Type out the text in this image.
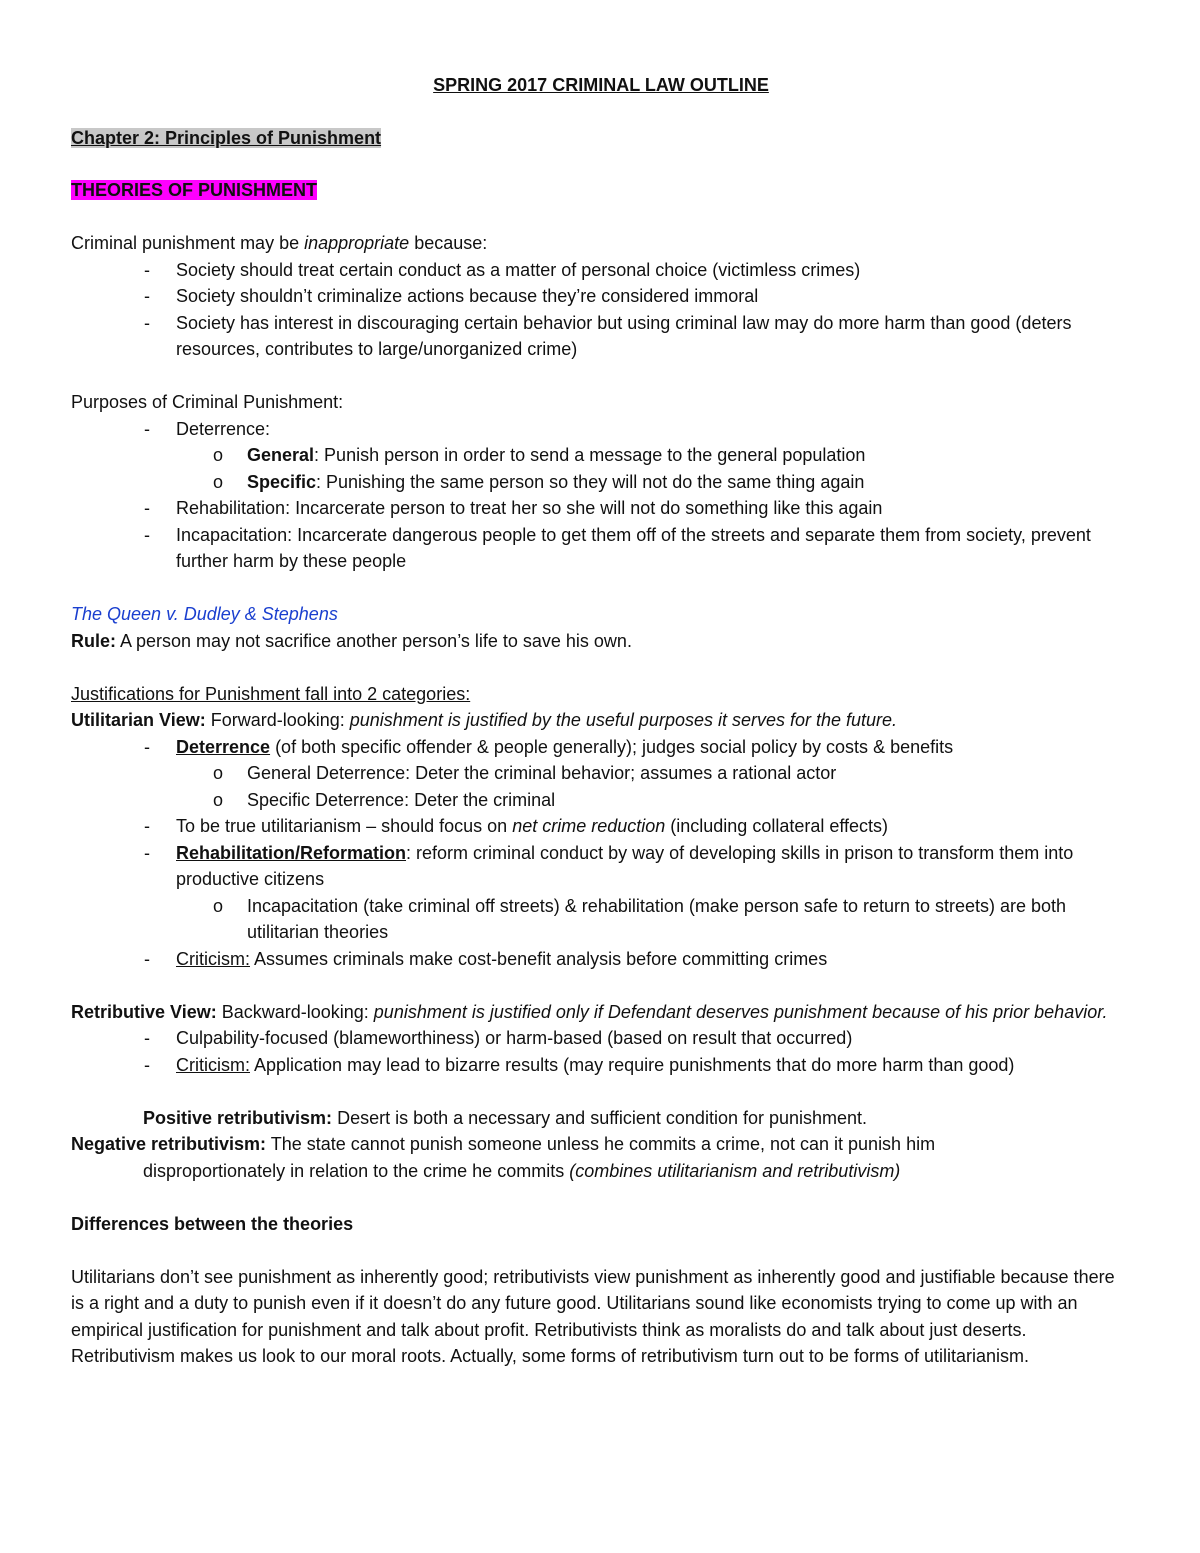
SPRING 2017 CRIMINAL LAW OUTLINE

Chapter 2: Principles of Punishment

THEORIES OF PUNISHMENT

Criminal punishment may be inappropriate because:

- Society should treat certain conduct as a matter of personal choice (victimless crimes)
- Society shouldn’t criminalize actions because they’re considered immoral
- Society has interest in discouraging certain behavior but using criminal law may do more harm than good (deters resources, contributes to large/unorganized crime)

Purposes of Criminal Punishment:

- Deterrence:
o General: Punish person in order to send a message to the general population
o Specific: Punishing the same person so they will not do the same thing again
- Rehabilitation: Incarcerate person to treat her so she will not do something like this again
- Incapacitation: Incarcerate dangerous people to get them off of the streets and separate them from society, prevent further harm by these people

The Queen v. Dudley & Stephens

Rule: A person may not sacrifice another person’s life to save his own.

Justifications for Punishment fall into 2 categories:

Utilitarian View: Forward-looking: punishment is justified by the useful purposes it serves for the future.

- Deterrence (of both specific offender & people generally); judges social policy by costs & benefits
o General Deterrence: Deter the criminal behavior; assumes a rational actor
o Specific Deterrence: Deter the criminal
- To be true utilitarianism – should focus on net crime reduction (including collateral effects)
- Rehabilitation/Reformation: reform criminal conduct by way of developing skills in prison to transform them into productive citizens
o Incapacitation (take criminal off streets) & rehabilitation (make person safe to return to streets) are both utilitarian theories
- Criticism: Assumes criminals make cost-benefit analysis before committing crimes

Retributive View: Backward-looking: punishment is justified only if Defendant deserves punishment because of his prior behavior.

- Culpability-focused (blameworthiness) or harm-based (based on result that occurred)
- Criticism: Application may lead to bizarre results (may require punishments that do more harm than good)

Positive retributivism: Desert is both a necessary and sufficient condition for punishment.

Negative retributivism: The state cannot punish someone unless he commits a crime, not can it punish him
disproportionately in relation to the crime he commits (combines utilitarianism and retributivism)

Differences between the theories

Utilitarians don’t see punishment as inherently good; retributivists view punishment as inherently good and justifiable because there is a right and a duty to punish even if it doesn’t do any future good. Utilitarians sound like economists trying to come up with an empirical justification for punishment and talk about profit. Retributivists think as moralists do and talk about just deserts. Retributivism makes us look to our moral roots. Actually, some forms of retributivism turn out to be forms of utilitarianism.
